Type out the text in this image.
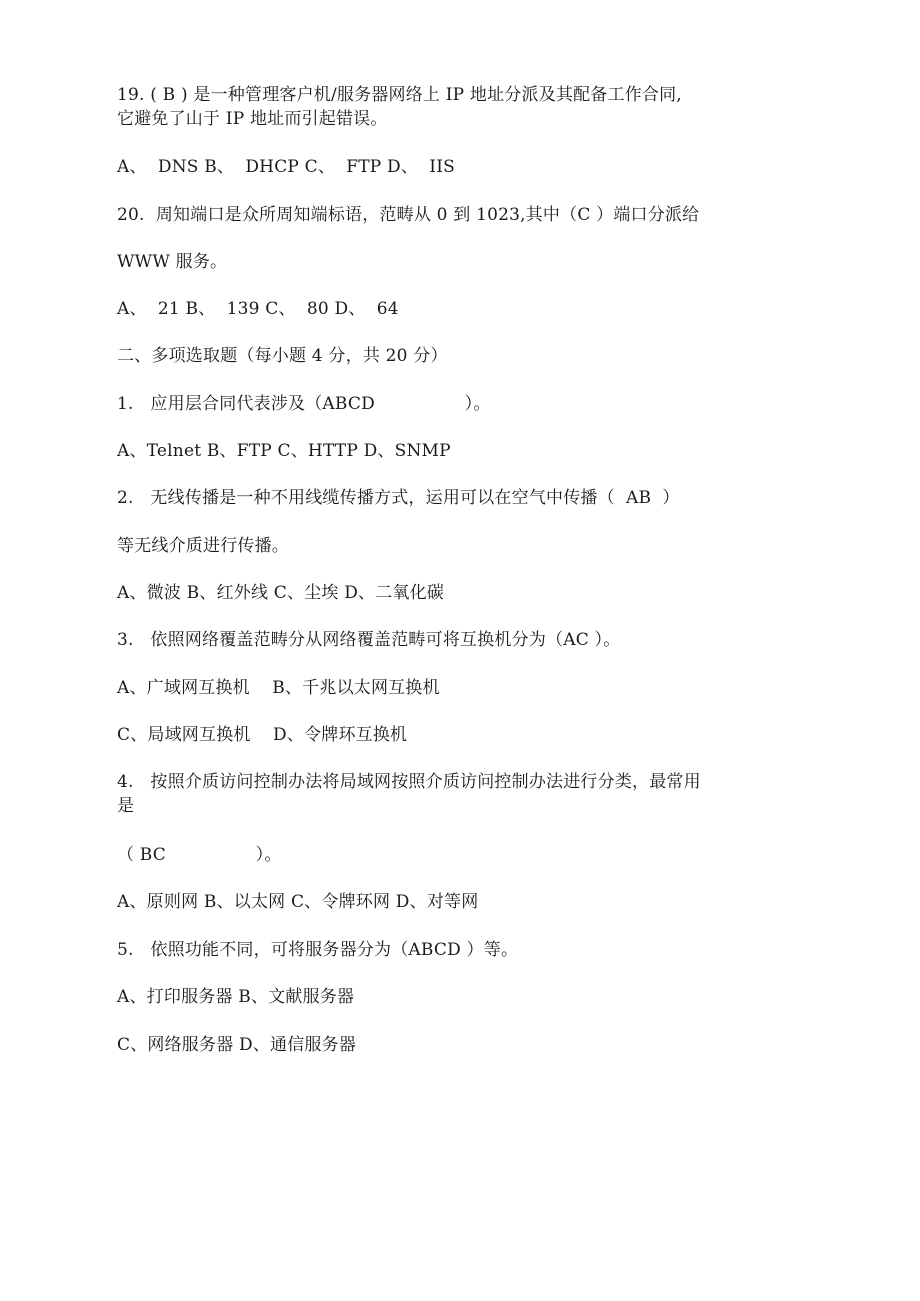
19. ( B ) 是一种管理客户机/服务器网络上 IP 地址分派及其配备工作合同,
它避免了山于 IP 地址而引起错误。
A、  DNS B、  DHCP C、  FTP D、  IIS
20.  周知端口是众所周知端标语，范畴从 0 到 1023,其中（C ）端口分派给
WWW 服务。
A、  21 B、  139 C、  80 D、  64
二、多项选取题（每小题 4 分，共 20 分）
1.   应用层合同代表涉及（ABCD                ）。
A、Telnet B、FTP C、HTTP D、SNMP
2.   无线传播是一种不用线缆传播方式，运用可以在空气中传播（  AB  ）
等无线介质进行传播。
A、微波 B、红外线 C、尘埃 D、二氧化碳
3.   依照网络覆盖范畴分从网络覆盖范畴可将互换机分为（AC ）。
A、广域网互换机    B、千兆以太网互换机
C、局域网互换机    D、令牌环互换机
4.   按照介质访问控制办法将局域网按照介质访问控制办法进行分类，最常用
是
（ BC                ）。
A、原则网 B、以太网 C、令牌环网 D、对等网
5.   依照功能不同，可将服务器分为（ABCD ）等。
A、打印服务器 B、文献服务器
C、网络服务器 D、通信服务器
